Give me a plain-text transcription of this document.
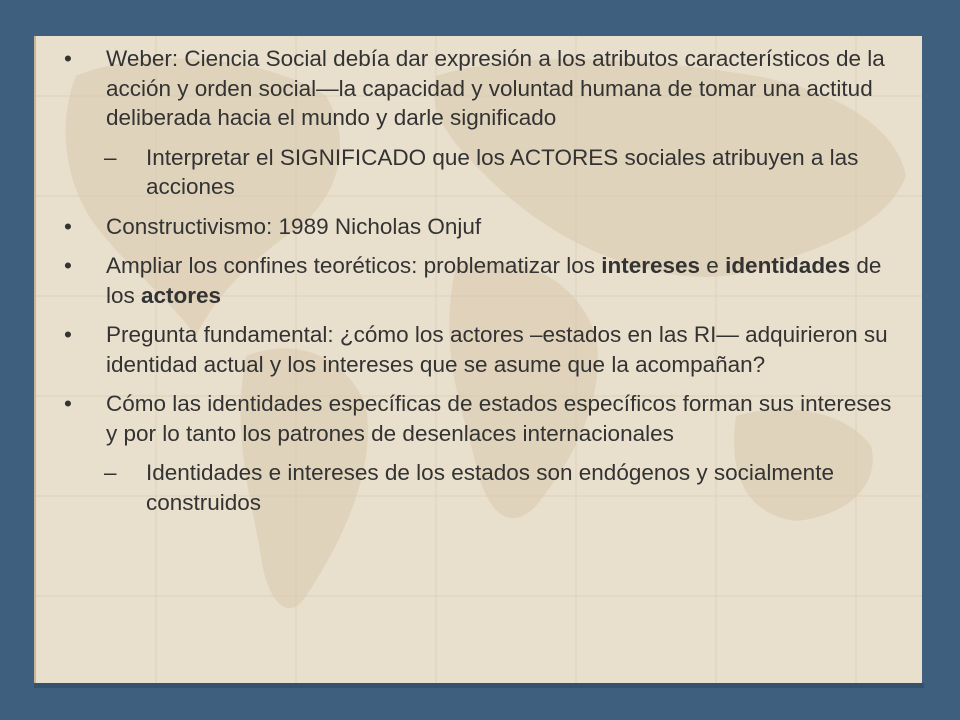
•	Weber: Ciencia Social debía dar expresión a los atributos característicos de la acción y orden social—la capacidad y voluntad humana de tomar una actitud deliberada hacia el mundo y darle significado
– Interpretar el SIGNIFICADO que los ACTORES sociales atribuyen a las acciones
•	Constructivismo: 1989 Nicholas Onjuf
•	Ampliar los confines teoréticos: problematizar los intereses e identidades de los actores
•	Pregunta fundamental: ¿cómo los actores –estados en las RI— adquirieron su identidad actual y los intereses que se asume que la acompañan?
•	Cómo las identidades específicas de estados específicos forman sus intereses y por lo tanto los patrones de desenlaces internacionales
– Identidades e intereses de los estados son endógenos y socialmente construidos
